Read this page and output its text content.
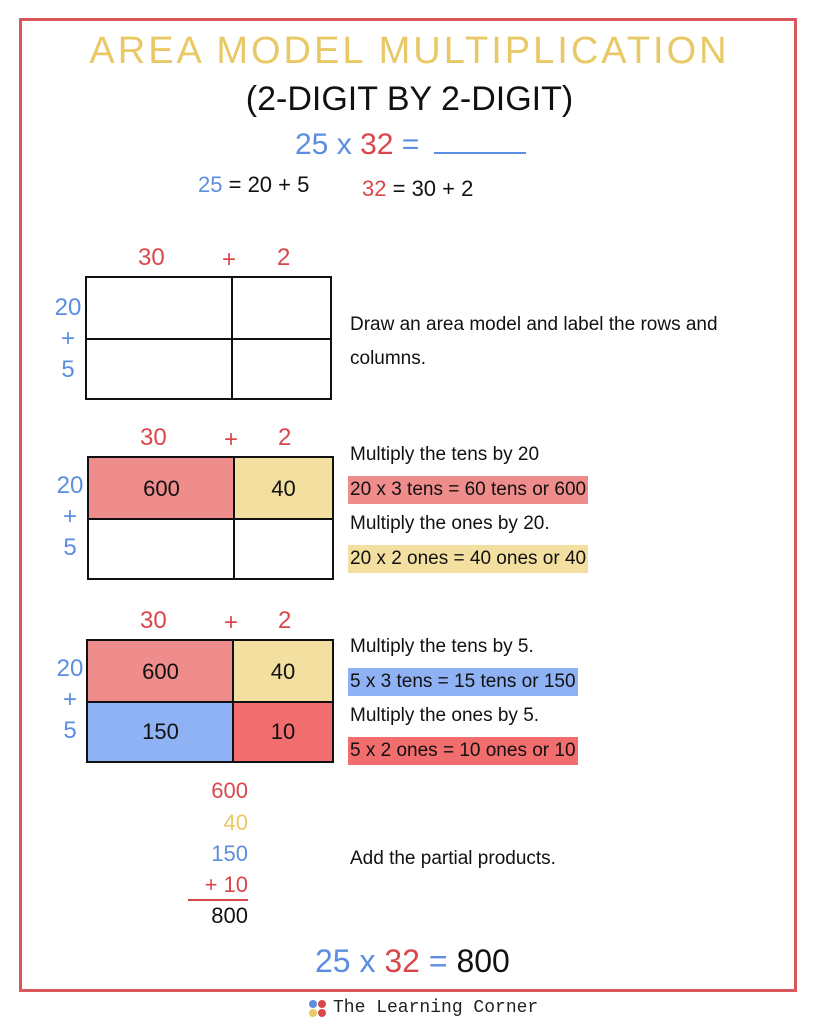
AREA MODEL MULTIPLICATION
(2-DIGIT BY 2-DIGIT)
25 x 32 =
25 = 20 + 5 32 = 30 + 2
30 + 2
20
+
5
Draw an area model and label the rows and columns.
30 + 2
20
+
5
600	40
Multiply the tens by 20
20 x 3 tens = 60 tens or 600
Multiply the ones by 20.
20 x 2 ones = 40 ones or 40
30 + 2
20
+
5
600	40
150	10
Multiply the tens by 5.
5 x 3 tens = 15 tens or 150
Multiply the ones by 5.
5 x 2 ones = 10 ones or 10
600
40
150
+ 10
800
Add the partial products.
25 x 32 = 800
The Learning Corner
